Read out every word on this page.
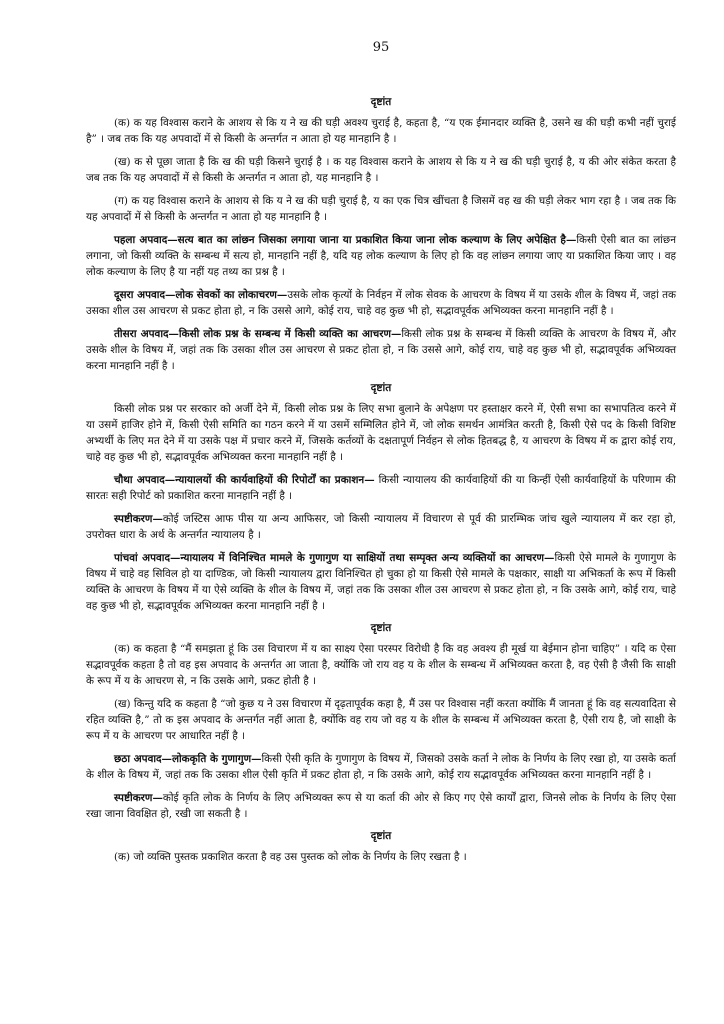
95
दृष्टांत

(क) क यह विश्वास कराने के आशय से कि य ने ख की घड़ी अवश्य चुराई है, कहता है, “य एक ईमानदार व्यक्ति है, उसने ख की घड़ी कभी नहीं चुराई है” । जब तक कि यह अपवादों में से किसी के अन्तर्गत न आता हो यह मानहानि है ।

(ख) क से पूछा जाता है कि ख की घड़ी किसने चुराई है । क यह विश्वास कराने के आशय से कि य ने ख की घड़ी चुराई है, य की ओर संकेत करता है जब तक कि यह अपवादों में से किसी के अन्तर्गत न आता हो, यह मानहानि है ।

(ग) क यह विश्वास कराने के आशय से कि य ने ख की घड़ी चुराई है, य का एक चित्र खींचता है जिसमें वह ख की घड़ी लेकर भाग रहा है । जब तक कि यह अपवादों में से किसी के अन्तर्गत न आता हो यह मानहानि है ।

पहला अपवाद—सत्य बात का लांछन जिसका लगाया जाना या प्रकाशित किया जाना लोक कल्याण के लिए अपेक्षित है—किसी ऐसी बात का लांछन लगाना, जो किसी व्यक्ति के सम्बन्ध में सत्य हो, मानहानि नहीं है, यदि यह लोक कल्याण के लिए हो कि वह लांछन लगाया जाए या प्रकाशित किया जाए । वह लोक कल्याण के लिए है या नहीं यह तथ्य का प्रश्न है ।

दूसरा अपवाद—लोक सेवकों का लोकाचरण—उसके लोक कृत्यों के निर्वहन में लोक सेवक के आचरण के विषय में या उसके शील के विषय में, जहां तक उसका शील उस आचरण से प्रकट होता हो, न कि उससे आगे, कोई राय, चाहे वह कुछ भी हो, सद्भावपूर्वक अभिव्यक्त करना मानहानि नहीं है ।

तीसरा अपवाद—किसी लोक प्रश्न के सम्बन्ध में किसी व्यक्ति का आचरण—किसी लोक प्रश्न के सम्बन्ध में किसी व्यक्ति के आचरण के विषय में, और उसके शील के विषय में, जहां तक कि उसका शील उस आचरण से प्रकट होता हो, न कि उससे आगे, कोई राय, चाहे वह कुछ भी हो, सद्भावपूर्वक अभिव्यक्त करना मानहानि नहीं है ।

दृष्टांत

किसी लोक प्रश्न पर सरकार को अर्जी देने में, किसी लोक प्रश्न के लिए सभा बुलाने के अपेक्षण पर हस्ताक्षर करने में, ऐसी सभा का सभापतित्व करने में या उसमें हाजिर होने में, किसी ऐसी समिति का गठन करने में या उसमें सम्मिलित होने में, जो लोक समर्थन आमंत्रित करती है, किसी ऐसे पद के किसी विशिष्ट अभ्यर्थी के लिए मत देने में या उसके पक्ष में प्रचार करने में, जिसके कर्तव्यों के दक्षतापूर्ण निर्वहन से लोक हितबद्ध है, य आचरण के विषय में क द्वारा कोई राय, चाहे वह कुछ भी हो, सद्भावपूर्वक अभिव्यक्त करना मानहानि नहीं है ।

चौथा अपवाद—न्यायालयों की कार्यवाहियों की रिपोर्टों का प्रकाशन— किसी न्यायालय की कार्यवाहियों की या किन्हीं ऐसी कार्यवाहियों के परिणाम की सारतः सही रिपोर्ट को प्रकाशित करना मानहानि नहीं है ।

स्पष्टीकरण—कोई जस्टिस आफ पीस या अन्य आफिसर, जो किसी न्यायालय में विचारण से पूर्व की प्रारम्भिक जांच खुले न्यायालय में कर रहा हो, उपरोक्त धारा के अर्थ के अन्तर्गत न्यायालय है ।

पांचवां अपवाद—न्यायालय में विनिश्चित मामले के गुणागुण या साक्षियों तथा सम्पृक्त अन्य व्यक्तियों का आचरण—किसी ऐसे मामले के गुणागुण के विषय में चाहे वह सिविल हो या दाण्डिक, जो किसी न्यायालय द्वारा विनिश्चित हो चुका हो या किसी ऐसे मामले के पक्षकार, साक्षी या अभिकर्ता के रूप में किसी व्यक्ति के आचरण के विषय में या ऐसे व्यक्ति के शील के विषय में, जहां तक कि उसका शील उस आचरण से प्रकट होता हो, न कि उसके आगे, कोई राय, चाहे वह कुछ भी हो, सद्भावपूर्वक अभिव्यक्त करना मानहानि नहीं है ।

दृष्टांत

(क) क कहता है “मैं समझता हूं कि उस विचारण में य का साक्ष्य ऐसा परस्पर विरोधी है कि वह अवश्य ही मूर्ख या बेईमान होना चाहिए” । यदि क ऐसा सद्भावपूर्वक कहता है तो वह इस अपवाद के अन्तर्गत आ जाता है, क्योंकि जो राय वह य के शील के सम्बन्ध में अभिव्यक्त करता है, वह ऐसी है जैसी कि साक्षी के रूप में य के आचरण से, न कि उसके आगे, प्रकट होती है ।

(ख) किन्तु यदि क कहता है “जो कुछ य ने उस विचारण में दृढ़तापूर्वक कहा है, मैं उस पर विश्वास नहीं करता क्योंकि मैं जानता हूं कि वह सत्यवादिता से रहित व्यक्ति है,” तो क इस अपवाद के अन्तर्गत नहीं आता है, क्योंकि वह राय जो वह य के शील के सम्बन्ध में अभिव्यक्त करता है, ऐसी राय है, जो साक्षी के रूप में य के आचरण पर आधारित नहीं है ।

छठा अपवाद—लोककृति के गुणागुण—किसी ऐसी कृति के गुणागुण के विषय में, जिसको उसके कर्ता ने लोक के निर्णय के लिए रखा हो, या उसके कर्ता के शील के विषय में, जहां तक कि उसका शील ऐसी कृति में प्रकट होता हो, न कि उसके आगे, कोई राय सद्भावपूर्वक अभिव्यक्त करना मानहानि नहीं है ।

स्पष्टीकरण—कोई कृति लोक के निर्णय के लिए अभिव्यक्त रूप से या कर्ता की ओर से किए गए ऐसे कार्यों द्वारा, जिनसे लोक के निर्णय के लिए ऐसा रखा जाना विवक्षित हो, रखी जा सकती है ।

दृष्टांत

(क) जो व्यक्ति पुस्तक प्रकाशित करता है वह उस पुस्तक को लोक के निर्णय के लिए रखता है ।
